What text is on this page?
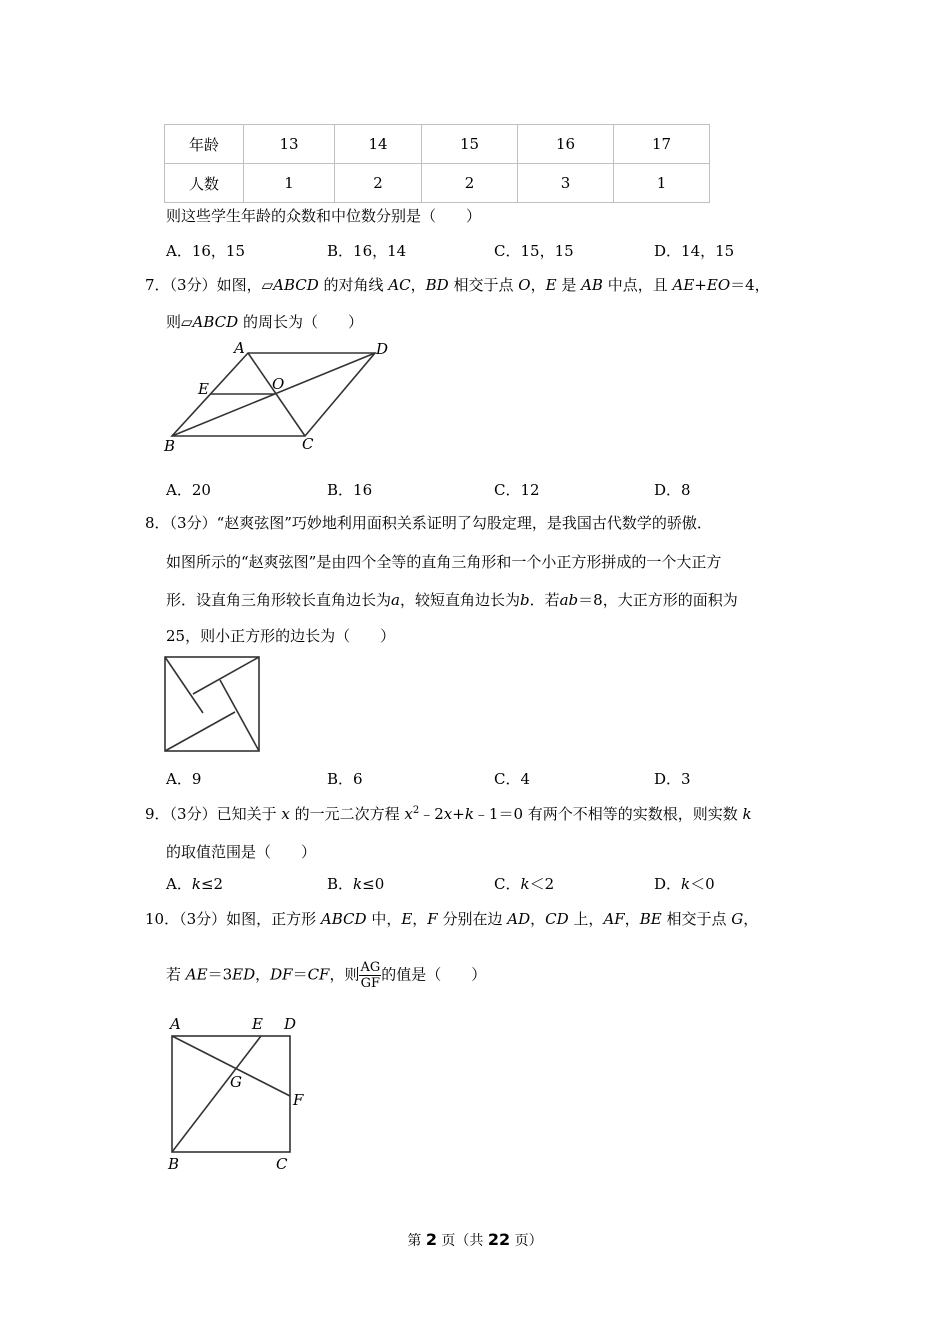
年龄	13	14	15	16	17
人数	1	2	2	3	1
则这些学生年龄的众数和中位数分别是（　　）
A．16，15	B．16，14	C．15，15	D．14，15
7．（3分）如图，▱ABCD 的对角线 AC，BD 相交于点 O，E 是 AB 中点，且 AE+EO＝4，
则▱ABCD 的周长为（　　）
A	D
E	O
B	C
A．20	B．16	C．12	D．8
8．（3分）“赵爽弦图”巧妙地利用面积关系证明了勾股定理，是我国古代数学的骄傲．
如图所示的“赵爽弦图”是由四个全等的直角三角形和一个小正方形拼成的一个大正方
形．设直角三角形较长直角边长为a，较短直角边长为b．若ab＝8，大正方形的面积为
25，则小正方形的边长为（　　）
A．9	B．6	C．4	D．3
9．（3分）已知关于 x 的一元二次方程 $x^2﹣2x+k﹣1=0$ 有两个不相等的实数根，则实数 k
的取值范围是（　　）
A．k≤2	B．k≤0	C．k＜2	D．k＜0
10．（3分）如图，正方形 ABCD 中，E，F 分别在边 AD，CD 上，AF，BE 相交于点 G，
若 AE＝3ED，DF＝CF，则 $\frac{AG}{GF}$ 的值是（　　）
A	E D
G
F
B	C
第 2 页（共 22 页）
